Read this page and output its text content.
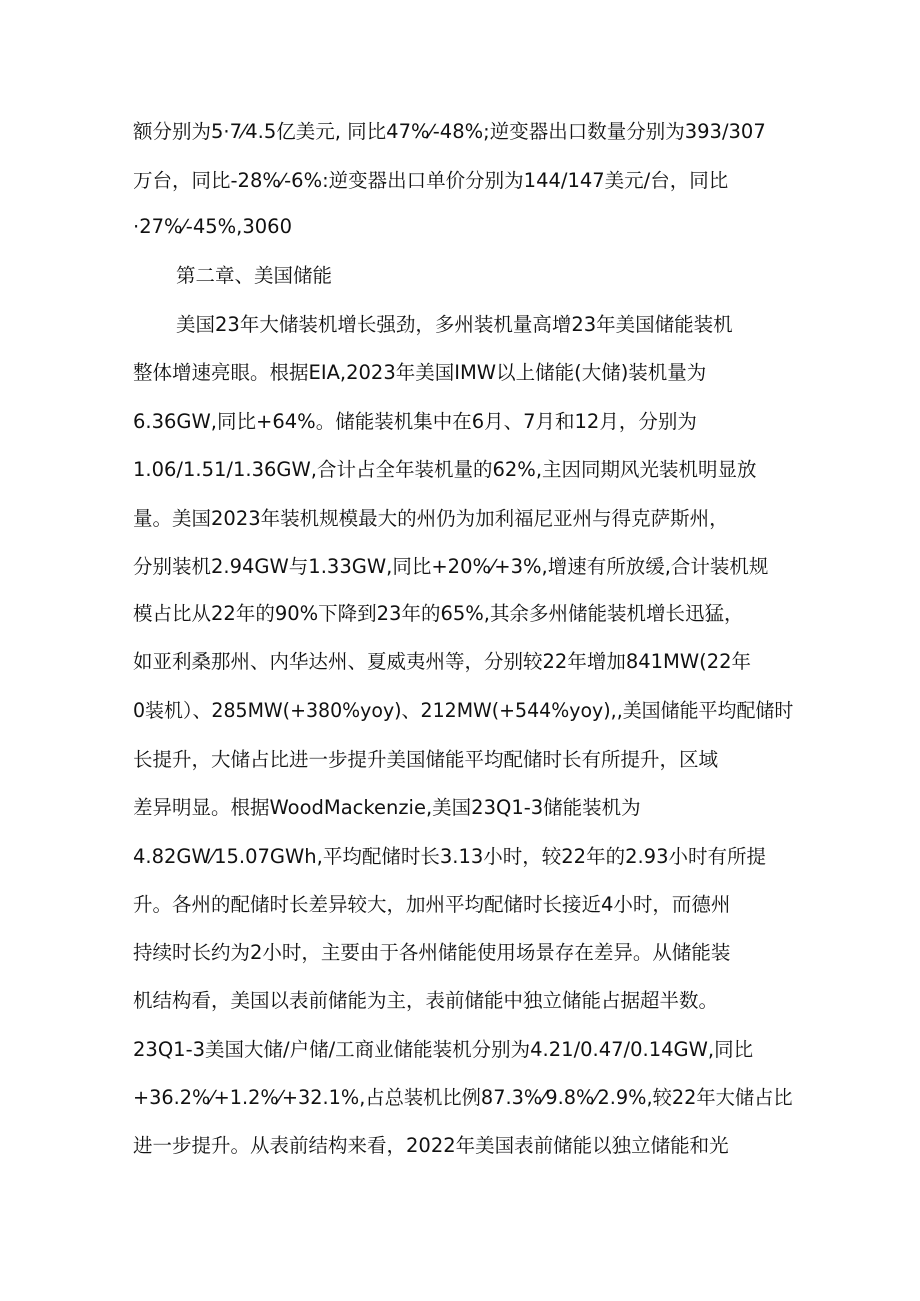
额分别为5·7⁄4.5亿美元, 同比47%⁄-48%;逆变器出口数量分别为393/307
万台，同比-28%⁄-6%:逆变器出口单价分别为144/147美元/台，同比
·27%⁄-45%,3060
第二章、美国储能
美国23年大储装机增长强劲，多州装机量高增23年美国储能装机
整体增速亮眼。根据EIA,2023年美国IMW以上储能(大储)装机量为
6.36GW,同比+64%。储能装机集中在6月、7月和12月，分别为
1.06/1.51/1.36GW,合计占全年装机量的62%,主因同期风光装机明显放
量。美国2023年装机规模最大的州仍为加利福尼亚州与得克萨斯州，
分别装机2.94GW与1.33GW,同比+20%⁄+3%,增速有所放缓,合计装机规
模占比从22年的90%下降到23年的65%,其余多州储能装机增长迅猛，
如亚利桑那州、内华达州、夏威夷州等，分别较22年增加841MW(22年
0装机）、285MW(+380%yoy)、212MW(+544%yoy),,美国储能平均配储时
长提升，大储占比进一步提升美国储能平均配储时长有所提升，区域
差异明显。根据WoodMackenzie,美国23Q1-3储能装机为
4.82GW⁄15.07GWh,平均配储时长3.13小时，较22年的2.93小时有所提
升。各州的配储时长差异较大，加州平均配储时长接近4小时，而德州
持续时长约为2小时，主要由于各州储能使用场景存在差异。从储能装
机结构看，美国以表前储能为主，表前储能中独立储能占据超半数。
23Q1-3美国大储/户储/工商业储能装机分别为4.21/0.47/0.14GW,同比
+36.2%⁄+1.2%⁄+32.1%,占总装机比例87.3%⁄9.8%⁄2.9%,较22年大储占比
进一步提升。从表前结构来看，2022年美国表前储能以独立储能和光
